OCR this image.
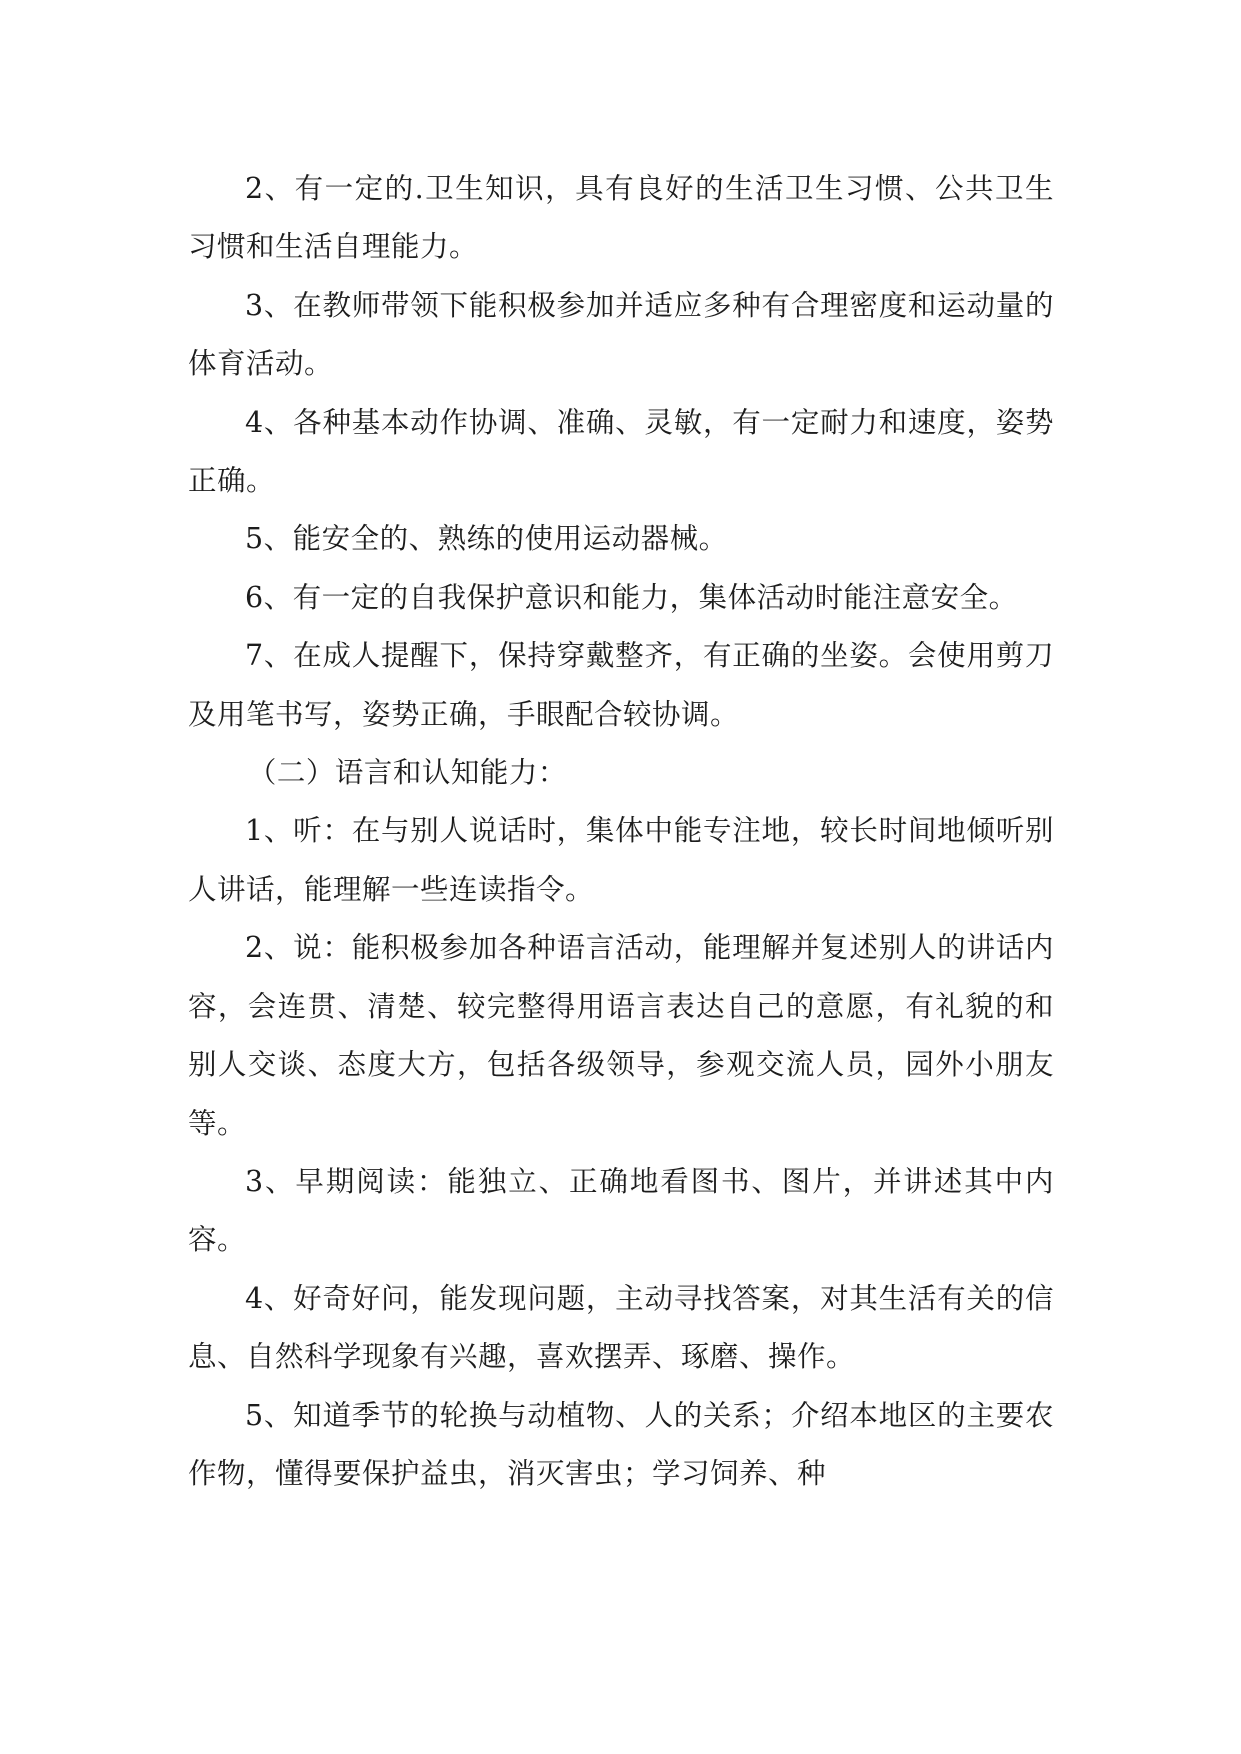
2、有一定的.卫生知识，具有良好的生活卫生习惯、公共卫生习惯和生活自理能力。

3、在教师带领下能积极参加并适应多种有合理密度和运动量的体育活动。

4、各种基本动作协调、准确、灵敏，有一定耐力和速度，姿势正确。

5、能安全的、熟练的使用运动器械。

6、有一定的自我保护意识和能力，集体活动时能注意安全。

7、在成人提醒下，保持穿戴整齐，有正确的坐姿。会使用剪刀及用笔书写，姿势正确，手眼配合较协调。

（二）语言和认知能力：

1、听：在与别人说话时，集体中能专注地，较长时间地倾听别人讲话，能理解一些连读指令。

2、说：能积极参加各种语言活动，能理解并复述别人的讲话内容，会连贯、清楚、较完整得用语言表达自己的意愿，有礼貌的和别人交谈、态度大方，包括各级领导，参观交流人员，园外小朋友等。

3、早期阅读：能独立、正确地看图书、图片，并讲述其中内容。

4、好奇好问，能发现问题，主动寻找答案，对其生活有关的信息、自然科学现象有兴趣，喜欢摆弄、琢磨、操作。

5、知道季节的轮换与动植物、人的关系；介绍本地区的主要农作物，懂得要保护益虫，消灭害虫；学习饲养、种
